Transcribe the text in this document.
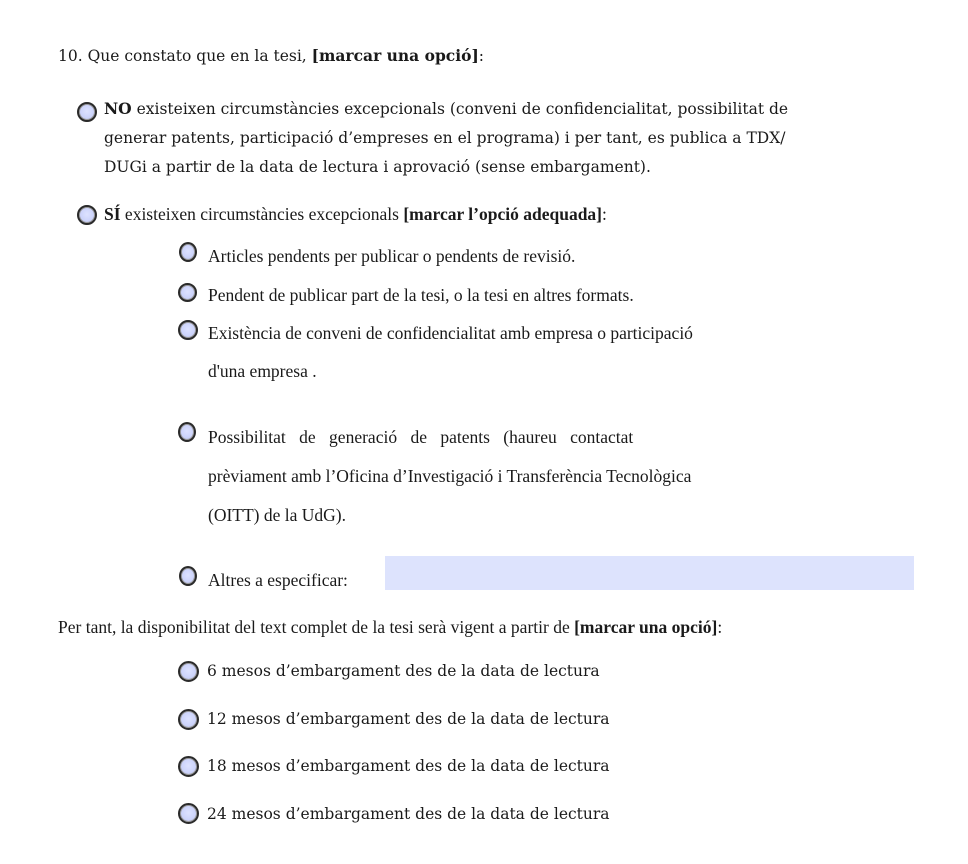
10. Que constato que en la tesi, [marcar una opció]:
NO existeixen circumstàncies excepcionals (conveni de confidencialitat, possibilitat de
generar patents, participació d’empreses en el programa) i per tant, es publica a TDX/
DUGi a partir de la data de lectura i aprovació (sense embargament).
SÍ existeixen circumstàncies excepcionals [marcar l’opció adequada]:
Articles pendents per publicar o pendents de revisió.
Pendent de publicar part de la tesi, o la tesi en altres formats.
Existència de conveni de confidencialitat amb empresa o participació
d'una empresa .
Possibilitat de generació de patents (haureu contactat
prèviament amb l’Oficina d’Investigació i Transferència Tecnològica
(OITT) de la UdG).
Altres a especificar:
Per tant, la disponibilitat del text complet de la tesi serà vigent a partir de [marcar una opció]:
6 mesos d’embargament des de la data de lectura
12 mesos d’embargament des de la data de lectura
18 mesos d’embargament des de la data de lectura
24 mesos d’embargament des de la data de lectura
